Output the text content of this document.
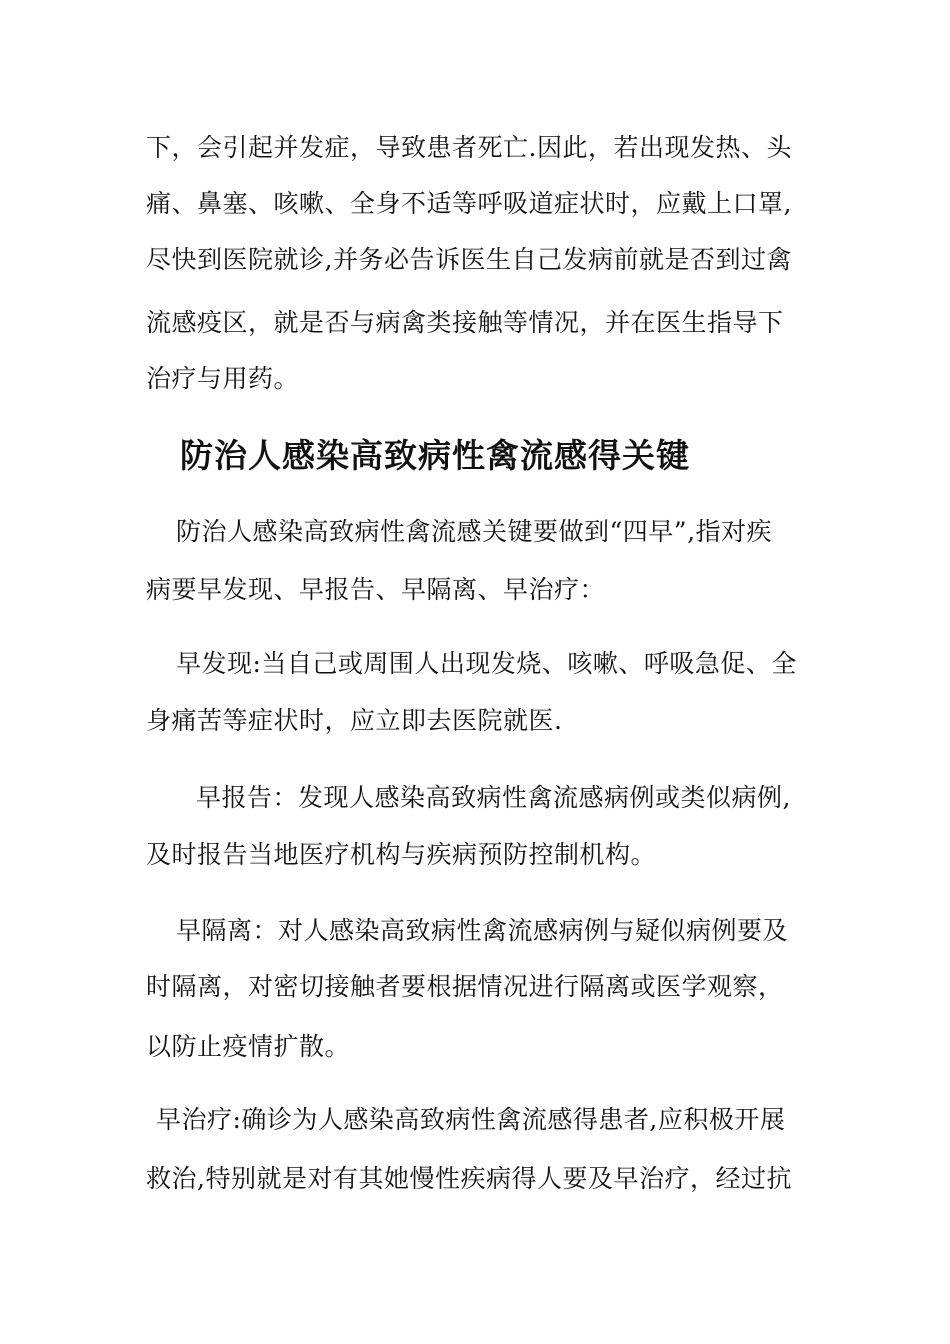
下，会引起并发症，导致患者死亡.因此，若出现发热、头
痛、鼻塞、咳嗽、全身不适等呼吸道症状时，应戴上口罩,
尽快到医院就诊,并务必告诉医生自己发病前就是否到过禽
流感疫区，就是否与病禽类接触等情况，并在医生指导下
治疗与用药。
防治人感染高致病性禽流感得关键
防治人感染高致病性禽流感关键要做到“四早”,指对疾
病要早发现、早报告、早隔离、早治疗：
早发现:当自己或周围人出现发烧、咳嗽、呼吸急促、全
身痛苦等症状时，应立即去医院就医.
早报告：发现人感染高致病性禽流感病例或类似病例,
及时报告当地医疗机构与疾病预防控制机构。
早隔离：对人感染高致病性禽流感病例与疑似病例要及
时隔离，对密切接触者要根据情况进行隔离或医学观察，
以防止疫情扩散。
早治疗:确诊为人感染高致病性禽流感得患者,应积极开展
救治,特别就是对有其她慢性疾病得人要及早治疗，经过抗
